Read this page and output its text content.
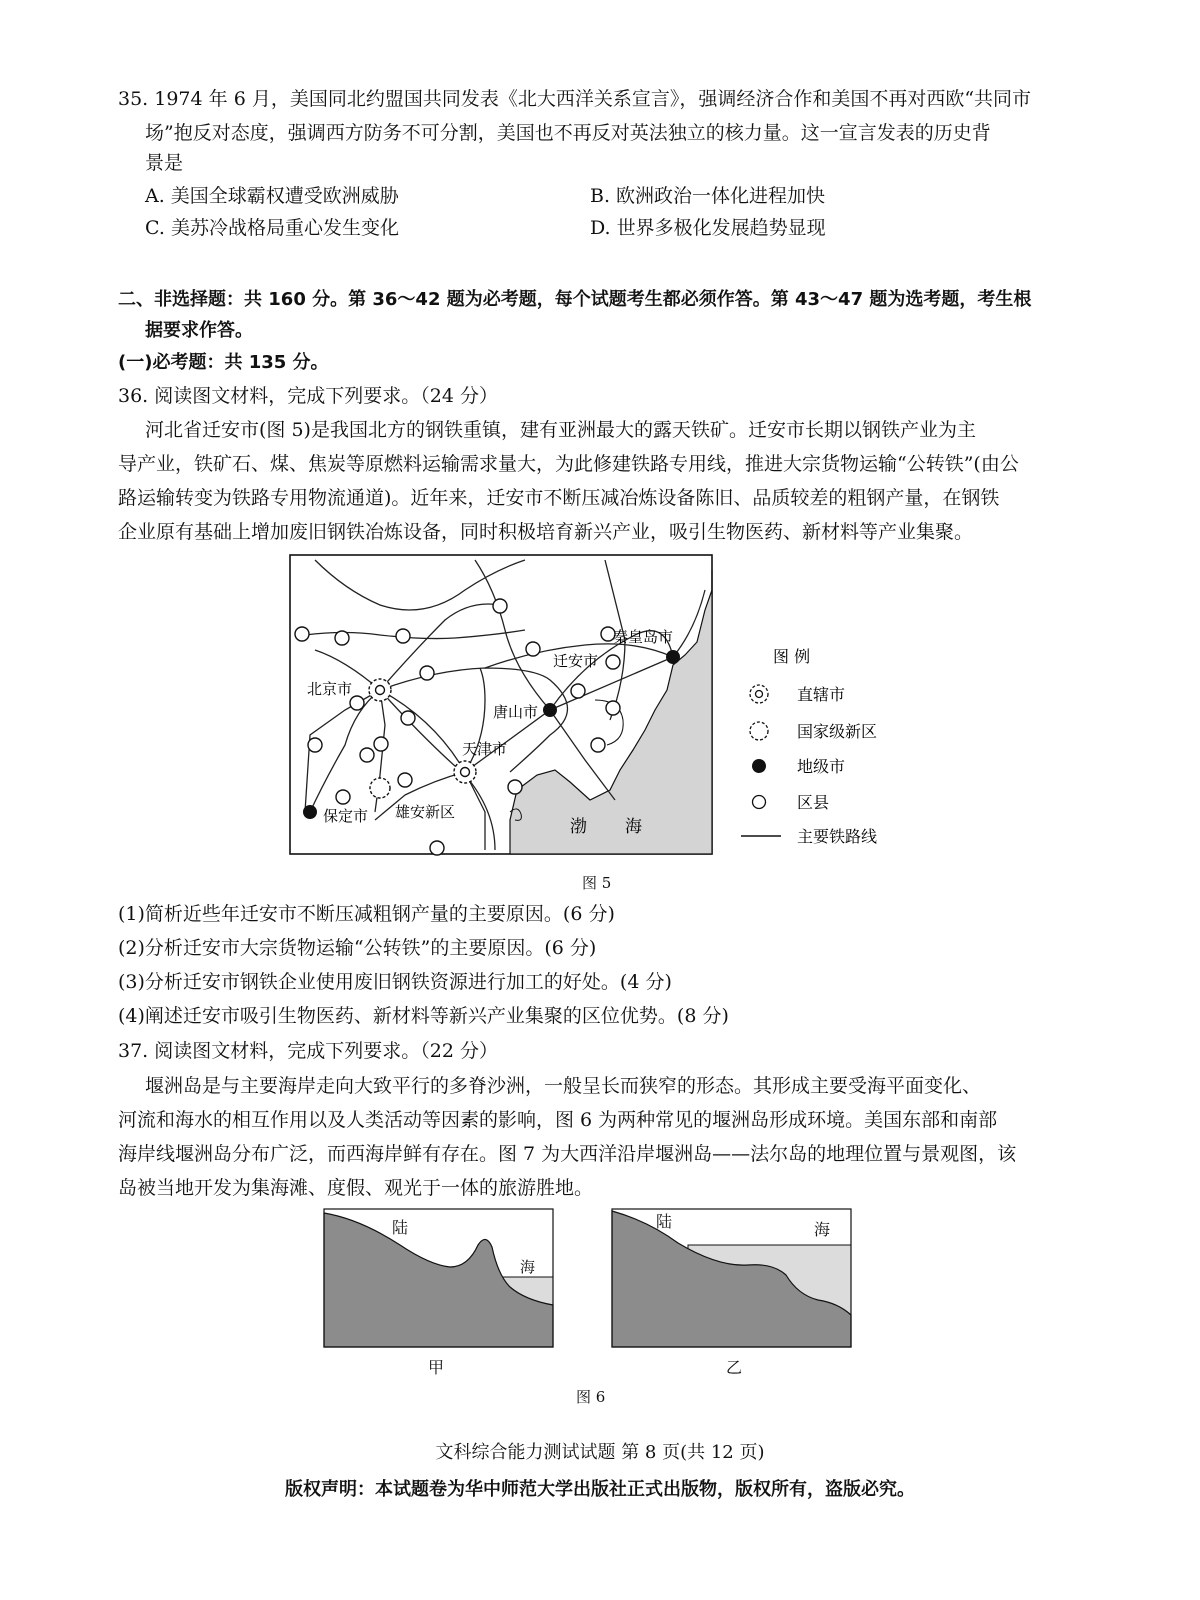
35. 1974 年 6 月，美国同北约盟国共同发表《北大西洋关系宣言》，强调经济合作和美国不再对西欧“共同市
场”抱反对态度，强调西方防务不可分割，美国也不再反对英法独立的核力量。这一宣言发表的历史背
景是
A. 美国全球霸权遭受欧洲威胁	B. 欧洲政治一体化进程加快
C. 美苏冷战格局重心发生变化	D. 世界多极化发展趋势显现
二、非选择题：共 160 分。第 36～42 题为必考题，每个试题考生都必须作答。第 43～47 题为选考题，考生根
据要求作答。
(一)必考题：共 135 分。
36. 阅读图文材料，完成下列要求。（24 分）
河北省迁安市(图 5)是我国北方的钢铁重镇，建有亚洲最大的露天铁矿。迁安市长期以钢铁产业为主
导产业，铁矿石、煤、焦炭等原燃料运输需求量大，为此修建铁路专用线，推进大宗货物运输“公转铁”(由公
路运输转变为铁路专用物流通道)。近年来，迁安市不断压减冶炼设备陈旧、品质较差的粗钢产量，在钢铁
企业原有基础上增加废旧钢铁冶炼设备，同时积极培育新兴产业，吸引生物医药、新材料等产业集聚。
北京市
天津市
唐山市
迁安市
秦皇岛市
保定市 雄安新区
渤 海
图 例
直辖市
国家级新区
地级市
区县
主要铁路线
图 5
(1)简析近些年迁安市不断压减粗钢产量的主要原因。(6 分)
(2)分析迁安市大宗货物运输“公转铁”的主要原因。(6 分)
(3)分析迁安市钢铁企业使用废旧钢铁资源进行加工的好处。(4 分)
(4)阐述迁安市吸引生物医药、新材料等新兴产业集聚的区位优势。(8 分)
37. 阅读图文材料，完成下列要求。（22 分）
堰洲岛是与主要海岸走向大致平行的多脊沙洲，一般呈长而狭窄的形态。其形成主要受海平面变化、
河流和海水的相互作用以及人类活动等因素的影响，图 6 为两种常见的堰洲岛形成环境。美国东部和南部
海岸线堰洲岛分布广泛，而西海岸鲜有存在。图 7 为大西洋沿岸堰洲岛——法尔岛的地理位置与景观图，该
岛被当地开发为集海滩、度假、观光于一体的旅游胜地。
陆
海
甲
陆	海
乙
图 6
文科综合能力测试试题 第 8 页(共 12 页)
版权声明：本试题卷为华中师范大学出版社正式出版物，版权所有，盗版必究。
